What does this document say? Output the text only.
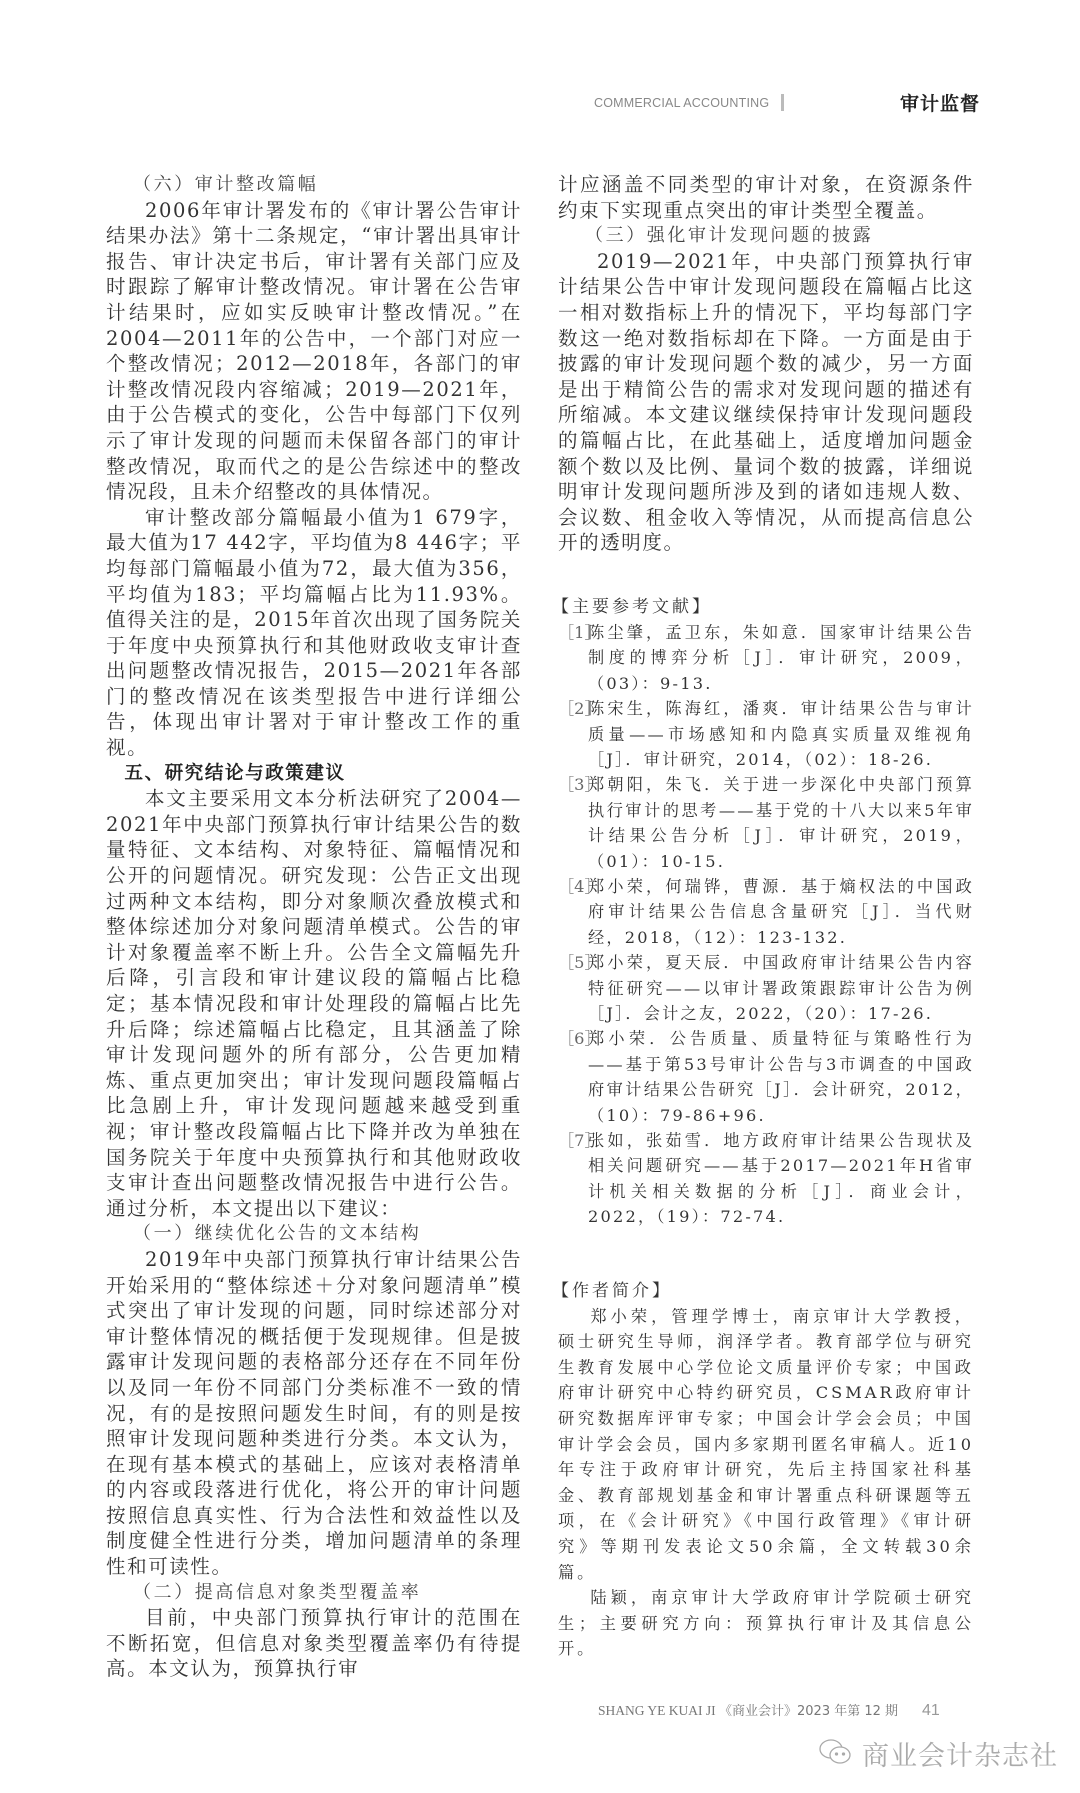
COMMERCIAL ACCOUNTING	审计监督

（六）审计整改篇幅

2006年审计署发布的《审计署公告审计结果办法》第十二条规定，“审计署出具审计报告、审计决定书后，审计署有关部门应及时跟踪了解审计整改情况。审计署在公告审计结果时，应如实反映审计整改情况。”在2004—2011年的公告中，一个部门对应一个整改情况；2012—2018年，各部门的审计整改情况段内容缩减；2019—2021年，由于公告模式的变化，公告中每部门下仅列示了审计发现的问题而未保留各部门的审计整改情况，取而代之的是公告综述中的整改情况段，且未介绍整改的具体情况。

审计整改部分篇幅最小值为1 679字，最大值为17 442字，平均值为8 446字；平均每部门篇幅最小值为72，最大值为356，平均值为183；平均篇幅占比为11.93%。值得关注的是，2015年首次出现了国务院关于年度中央预算执行和其他财政收支审计查出问题整改情况报告，2015—2021年各部门的整改情况在该类型报告中进行详细公告，体现出审计署对于审计整改工作的重视。

五、研究结论与政策建议

本文主要采用文本分析法研究了2004—2021年中央部门预算执行审计结果公告的数量特征、文本结构、对象特征、篇幅情况和公开的问题情况。研究发现：公告正文出现过两种文本结构，即分对象顺次叠放模式和整体综述加分对象问题清单模式。公告的审计对象覆盖率不断上升。公告全文篇幅先升后降，引言段和审计建议段的篇幅占比稳定；基本情况段和审计处理段的篇幅占比先升后降；综述篇幅占比稳定，且其涵盖了除审计发现问题外的所有部分，公告更加精炼、重点更加突出；审计发现问题段篇幅占比急剧上升，审计发现问题越来越受到重视；审计整改段篇幅占比下降并改为单独在国务院关于年度中央预算执行和其他财政收支审计查出问题整改情况报告中进行公告。通过分析，本文提出以下建议：

（一）继续优化公告的文本结构

2019年中央部门预算执行审计结果公告开始采用的“整体综述＋分对象问题清单”模式突出了审计发现的问题，同时综述部分对审计整体情况的概括便于发现规律。但是披露审计发现问题的表格部分还存在不同年份以及同一年份不同部门分类标准不一致的情况，有的是按照问题发生时间，有的则是按照审计发现问题种类进行分类。本文认为，在现有基本模式的基础上，应该对表格清单的内容或段落进行优化，将公开的审计问题按照信息真实性、行为合法性和效益性以及制度健全性进行分类，增加问题清单的条理性和可读性。

（二）提高信息对象类型覆盖率

目前，中央部门预算执行审计的范围在不断拓宽，但信息对象类型覆盖率仍有待提高。本文认为，预算执行审

计应涵盖不同类型的审计对象，在资源条件约束下实现重点突出的审计类型全覆盖。

（三）强化审计发现问题的披露

2019—2021年，中央部门预算执行审计结果公告中审计发现问题段在篇幅占比这一相对数指标上升的情况下，平均每部门字数这一绝对数指标却在下降。一方面是由于披露的审计发现问题个数的减少，另一方面是出于精简公告的需求对发现问题的描述有所缩减。本文建议继续保持审计发现问题段的篇幅占比，在此基础上，适度增加问题金额个数以及比例、量词个数的披露，详细说明审计发现问题所涉及到的诸如违规人数、会议数、租金收入等情况，从而提高信息公开的透明度。

【主要参考文献】
［1］
陈尘肇，孟卫东，朱如意．国家审计结果公告制度的博弈分析［J］．审计研究，2009，（03）：9-13.
［2］
陈宋生，陈海红，潘爽．审计结果公告与审计质量——市场感知和内隐真实质量双维视角［J］．审计研究，2014，（02）：18-26.
［3］
郑朝阳，朱飞．关于进一步深化中央部门预算执行审计的思考——基于党的十八大以来5年审计结果公告分析［J］．审计研究，2019，（01）：10-15.
［4］
郑小荣，何瑞铧，曹源．基于熵权法的中国政府审计结果公告信息含量研究［J］．当代财经，2018，（12）：123-132.
［5］
郑小荣，夏天辰．中国政府审计结果公告内容特征研究——以审计署政策跟踪审计公告为例［J］．会计之友，2022，（20）：17-26.
［6］
郑小荣．公告质量、质量特征与策略性行为——基于第53号审计公告与3市调查的中国政府审计结果公告研究［J］．会计研究，2012，（10）：79-86+96.
［7］
张如，张茹雪．地方政府审计结果公告现状及相关问题研究——基于2017—2021年H省审计机关相关数据的分析［J］．商业会计，2022，（19）：72-74.
【作者简介】

郑小荣，管理学博士，南京审计大学教授，硕士研究生导师，润泽学者。教育部学位与研究生教育发展中心学位论文质量评价专家；中国政府审计研究中心特约研究员，CSMAR政府审计研究数据库评审专家；中国会计学会会员；中国审计学会会员，国内多家期刊匿名审稿人。近10年专注于政府审计研究，先后主持国家社科基金、教育部规划基金和审计署重点科研课题等五项，在《会计研究》《中国行政管理》《审计研究》等期刊发表论文50余篇，全文转载30余篇。

陆颖，南京审计大学政府审计学院硕士研究生；主要研究方向：预算执行审计及其信息公开。

SHANG YE KUAI JI 《商业会计》2023 年第 12 期 41
商业会计杂志社
